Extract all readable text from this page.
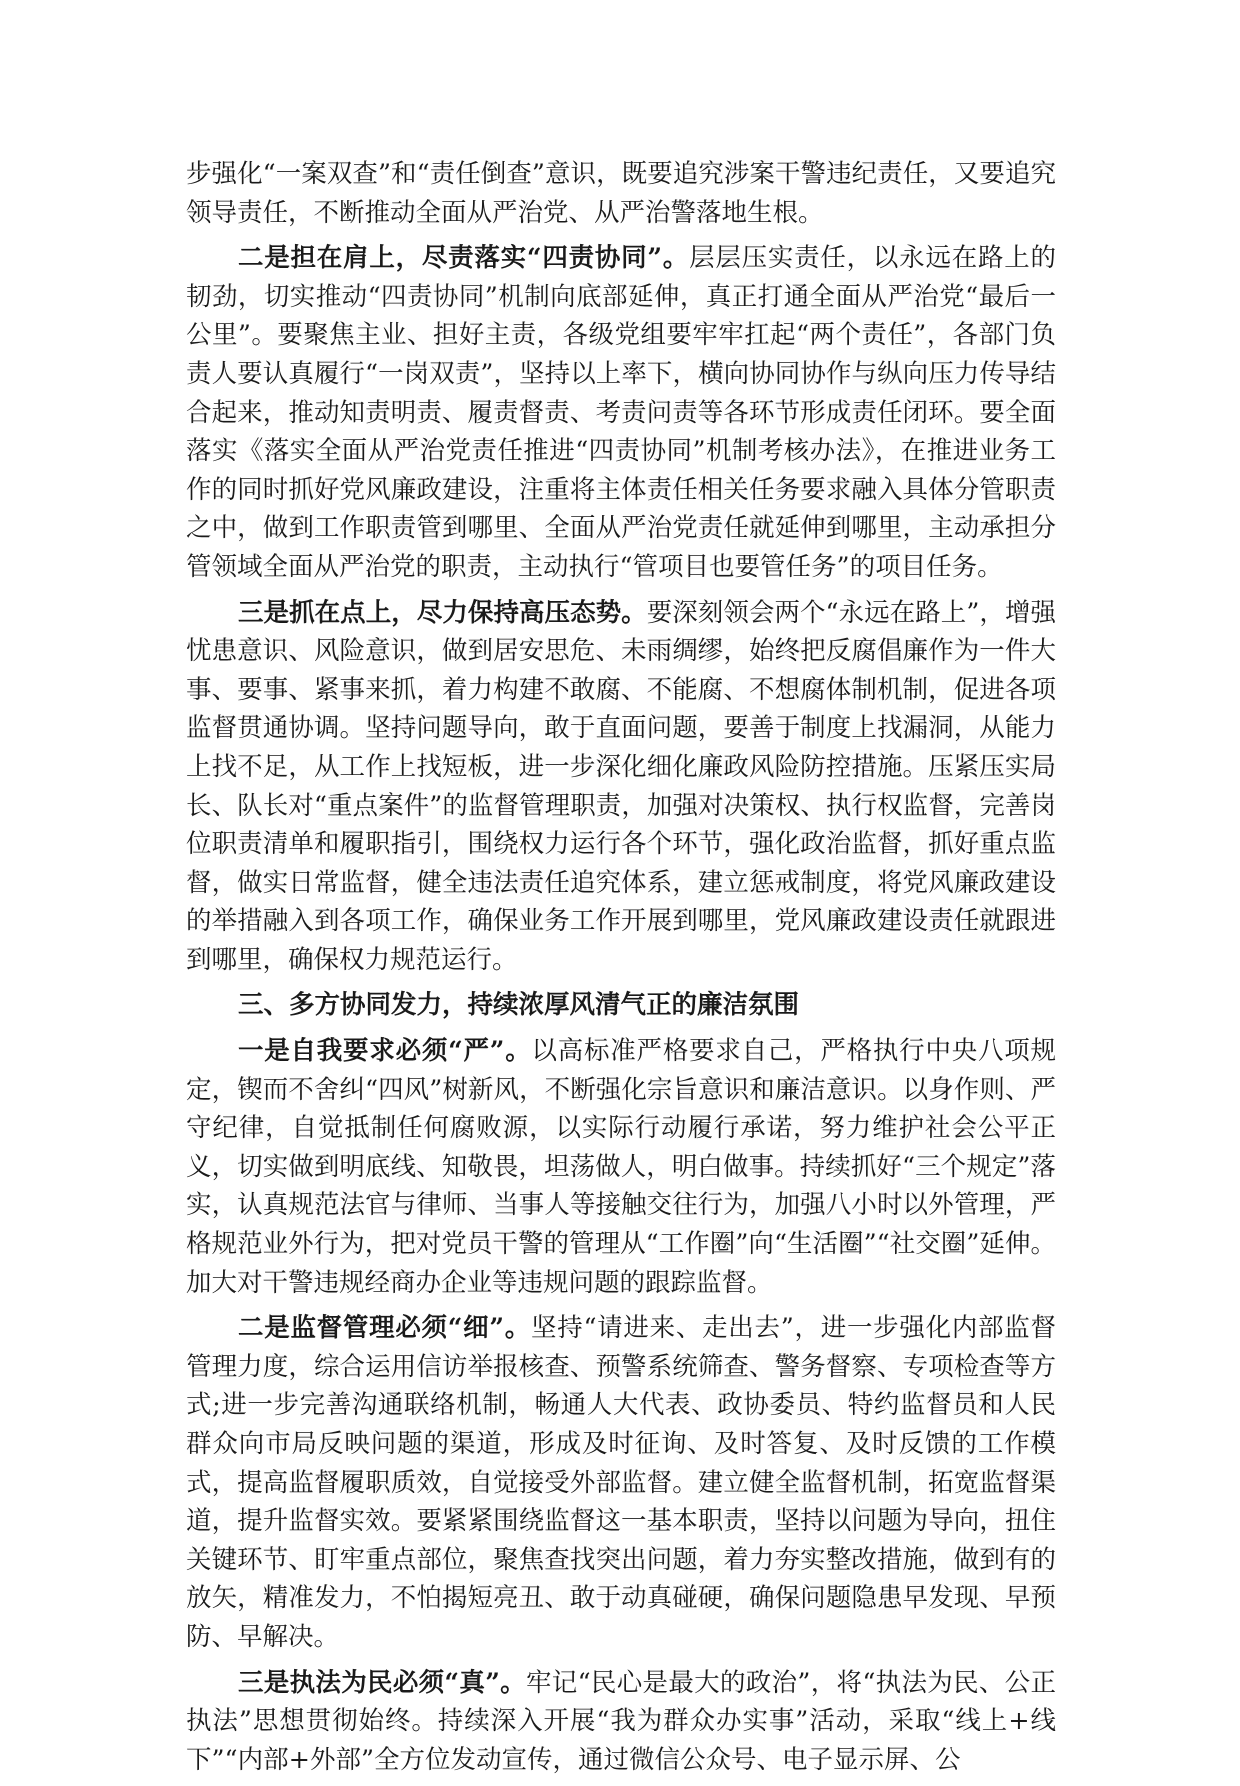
步强化“一案双查”和“责任倒查”意识，既要追究涉案干警违纪责任，又要追究领导责任，不断推动全面从严治党、从严治警落地生根。

二是担在肩上，尽责落实“四责协同”。层层压实责任，以永远在路上的韧劲，切实推动“四责协同”机制向底部延伸，真正打通全面从严治党“最后一公里”。要聚焦主业、担好主责，各级党组要牢牢扛起“两个责任”，各部门负责人要认真履行“一岗双责”，坚持以上率下，横向协同协作与纵向压力传导结合起来，推动知责明责、履责督责、考责问责等各环节形成责任闭环。要全面落实《落实全面从严治党责任推进“四责协同”机制考核办法》，在推进业务工作的同时抓好党风廉政建设，注重将主体责任相关任务要求融入具体分管职责之中，做到工作职责管到哪里、全面从严治党责任就延伸到哪里，主动承担分管领域全面从严治党的职责，主动执行“管项目也要管任务”的项目任务。

三是抓在点上，尽力保持高压态势。要深刻领会两个“永远在路上”，增强忧患意识、风险意识，做到居安思危、未雨绸缪，始终把反腐倡廉作为一件大事、要事、紧事来抓，着力构建不敢腐、不能腐、不想腐体制机制，促进各项监督贯通协调。坚持问题导向，敢于直面问题，要善于制度上找漏洞，从能力上找不足，从工作上找短板，进一步深化细化廉政风险防控措施。压紧压实局长、队长对“重点案件”的监督管理职责，加强对决策权、执行权监督，完善岗位职责清单和履职指引，围绕权力运行各个环节，强化政治监督，抓好重点监督，做实日常监督，健全违法责任追究体系，建立惩戒制度，将党风廉政建设的举措融入到各项工作，确保业务工作开展到哪里，党风廉政建设责任就跟进到哪里，确保权力规范运行。

三、多方协同发力，持续浓厚风清气正的廉洁氛围

一是自我要求必须“严”。以高标准严格要求自己，严格执行中央八项规定，锲而不舍纠“四风”树新风，不断强化宗旨意识和廉洁意识。以身作则、严守纪律，自觉抵制任何腐败源，以实际行动履行承诺，努力维护社会公平正义，切实做到明底线、知敬畏，坦荡做人，明白做事。持续抓好“三个规定”落实，认真规范法官与律师、当事人等接触交往行为，加强八小时以外管理，严格规范业外行为，把对党员干警的管理从“工作圈”向“生活圈”“社交圈”延伸。加大对干警违规经商办企业等违规问题的跟踪监督。

二是监督管理必须“细”。坚持“请进来、走出去”，进一步强化内部监督管理力度，综合运用信访举报核查、预警系统筛查、警务督察、专项检查等方式;进一步完善沟通联络机制，畅通人大代表、政协委员、特约监督员和人民群众向市局反映问题的渠道，形成及时征询、及时答复、及时反馈的工作模式，提高监督履职质效，自觉接受外部监督。建立健全监督机制，拓宽监督渠道，提升监督实效。要紧紧围绕监督这一基本职责，坚持以问题为导向，扭住关键环节、盯牢重点部位，聚焦查找突出问题，着力夯实整改措施，做到有的放矢，精准发力，不怕揭短亮丑、敢于动真碰硬，确保问题隐患早发现、早预防、早解决。

三是执法为民必须“真”。牢记“民心是最大的政治”，将“执法为民、公正执法”思想贯彻始终。持续深入开展“我为群众办实事”活动，采取“线上+线下”“内部+外部”全方位发动宣传，通过微信公众号、电子显示屏、公
